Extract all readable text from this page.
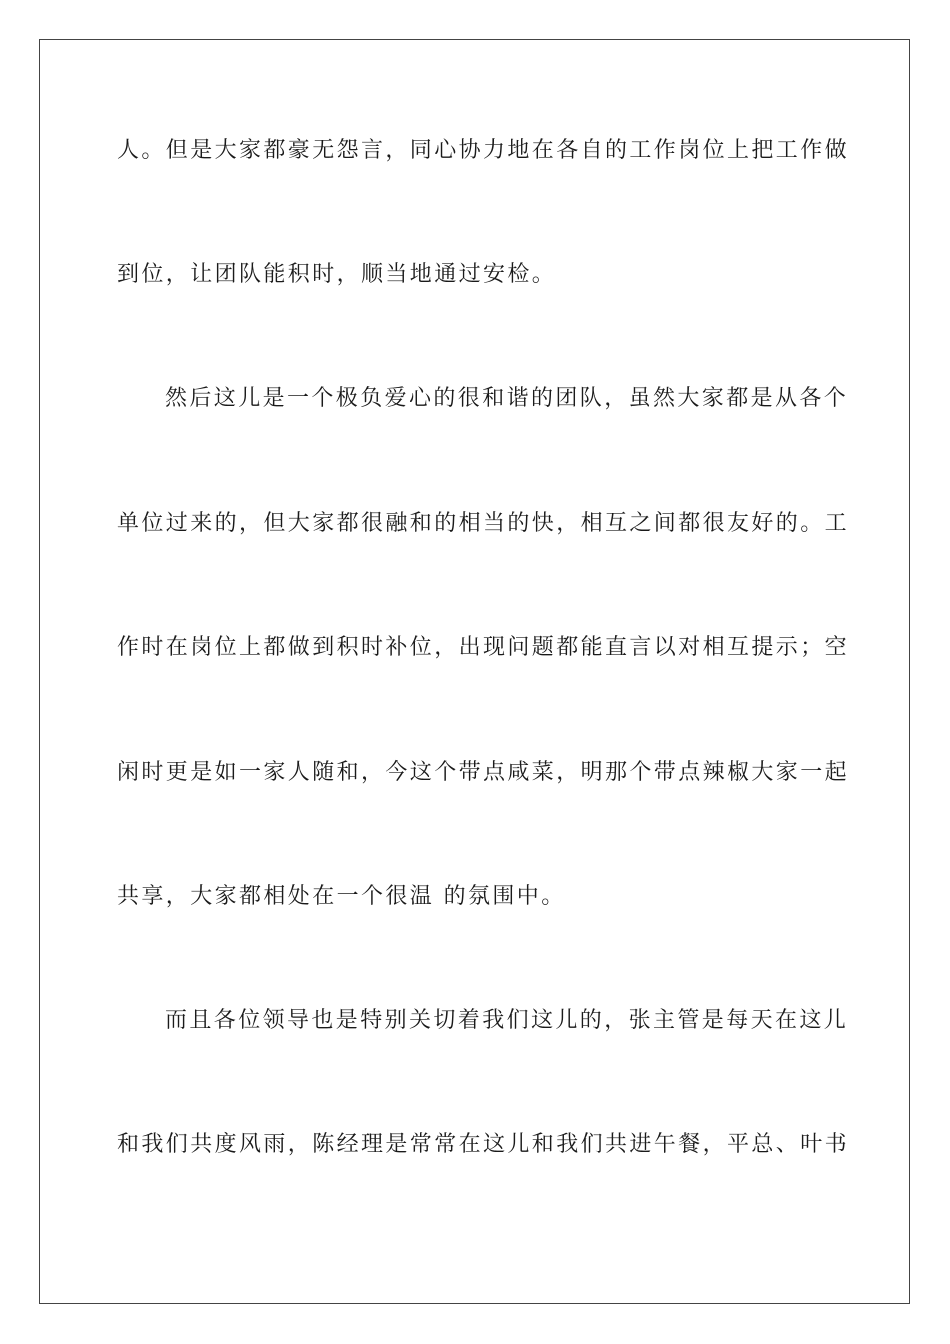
人。但是大家都豪无怨言，同心协力地在各自的工作岗位上把工作做
到位，让团队能积时，顺当地通过安检。
然后这儿是一个极负爱心的很和谐的团队，虽然大家都是从各个
单位过来的，但大家都很融和的相当的快，相互之间都很友好的。工
作时在岗位上都做到积时补位，出现问题都能直言以对相互提示；空
闲时更是如一家人随和，今这个带点咸菜，明那个带点辣椒大家一起
共享，大家都相处在一个很温 的氛围中。
而且各位领导也是特别关切着我们这儿的，张主管是每天在这儿
和我们共度风雨，陈经理是常常在这儿和我们共进午餐，平总、叶书
